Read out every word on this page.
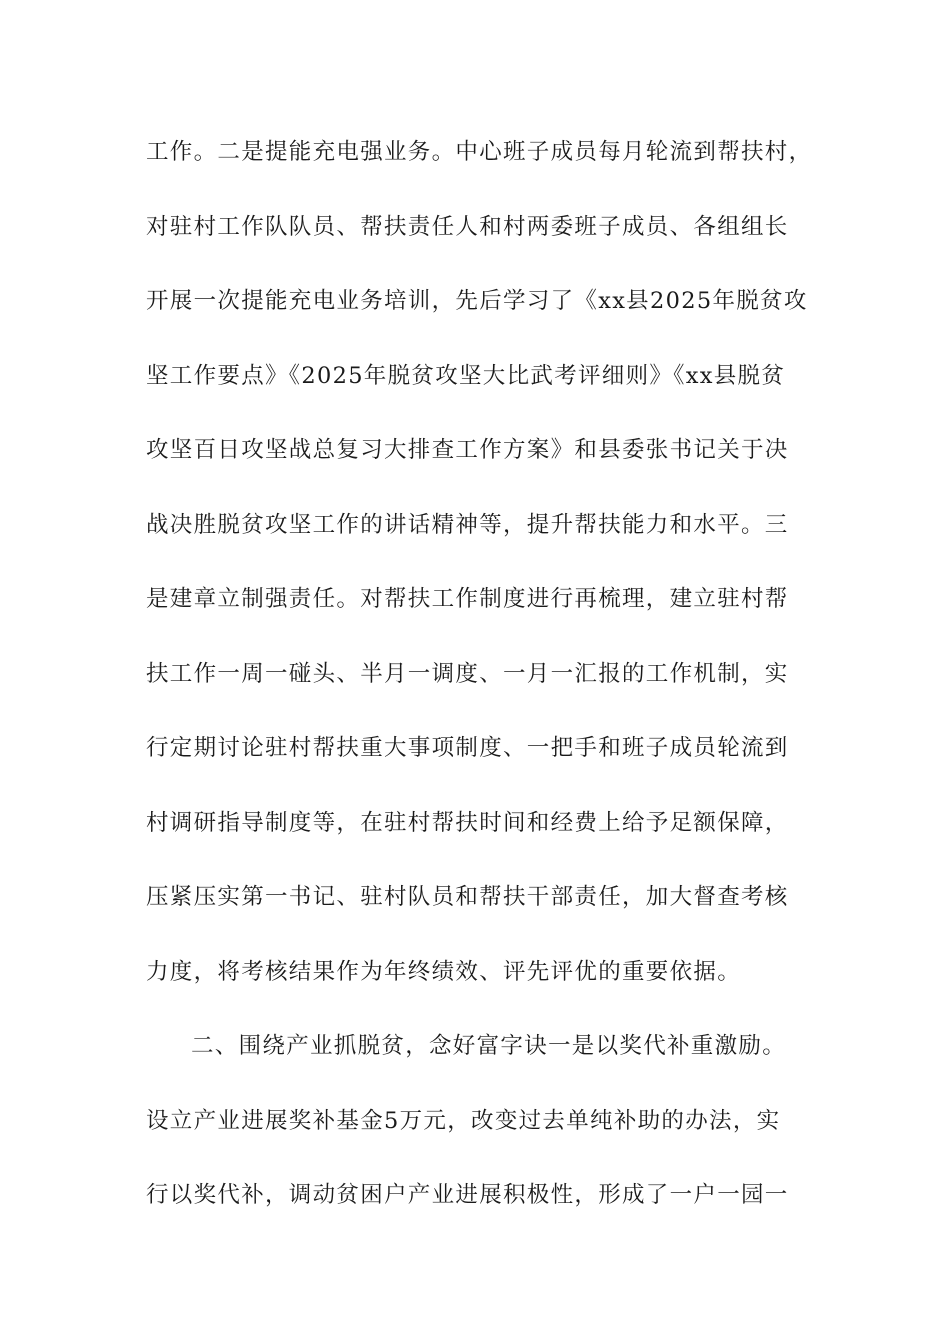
工作。二是提能充电强业务。中心班子成员每月轮流到帮扶村，
对驻村工作队队员、帮扶责任人和村两委班子成员、各组组长
开展一次提能充电业务培训，先后学习了《xx县2025年脱贫攻
坚工作要点》《2025年脱贫攻坚大比武考评细则》《xx县脱贫
攻坚百日攻坚战总复习大排查工作方案》和县委张书记关于决
战决胜脱贫攻坚工作的讲话精神等，提升帮扶能力和水平。三
是建章立制强责任。对帮扶工作制度进行再梳理，建立驻村帮
扶工作一周一碰头、半月一调度、一月一汇报的工作机制，实
行定期讨论驻村帮扶重大事项制度、一把手和班子成员轮流到
村调研指导制度等，在驻村帮扶时间和经费上给予足额保障，
压紧压实第一书记、驻村队员和帮扶干部责任，加大督查考核
力度，将考核结果作为年终绩效、评先评优的重要依据。
二、围绕产业抓脱贫，念好富字诀一是以奖代补重激励。
设立产业进展奖补基金5万元，改变过去单纯补助的办法，实
行以奖代补，调动贫困户产业进展积极性，形成了一户一园一
